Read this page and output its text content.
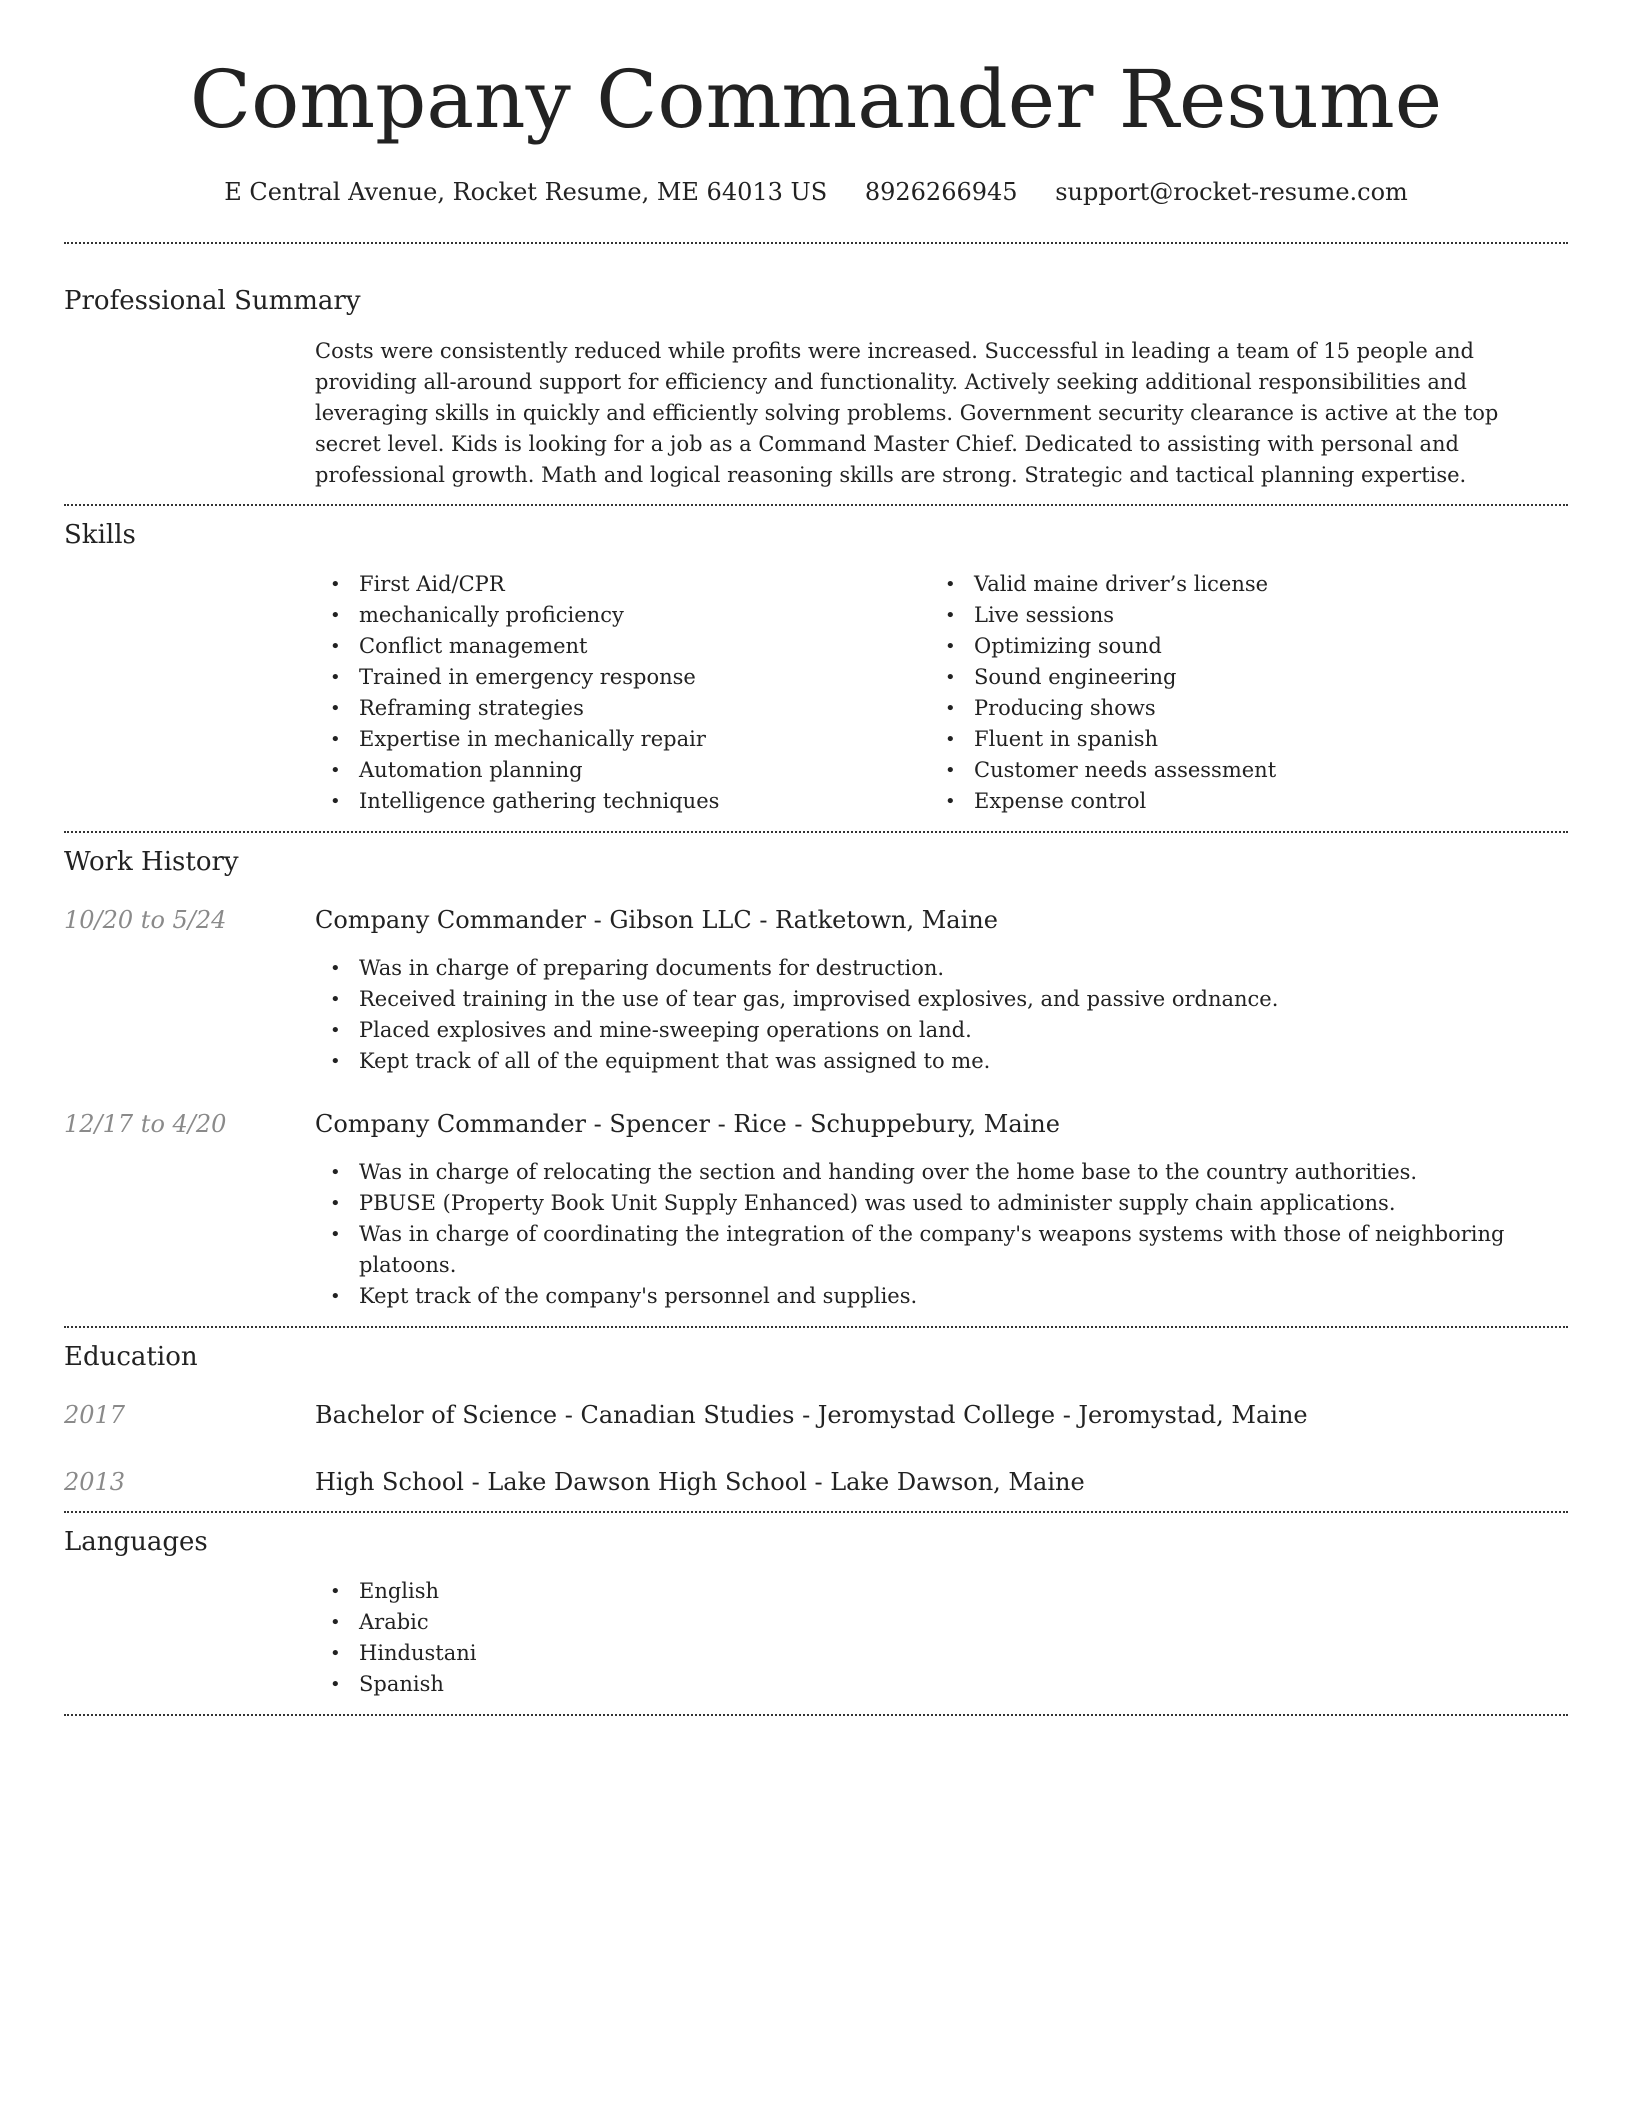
Company Commander Resume
E Central Avenue, Rocket Resume, ME 64013 US 8926266945 support@rocket-resume.com
Professional Summary

Costs were consistently reduced while profits were increased. Successful in leading a team of 15 people and providing all-around support for efficiency and functionality. Actively seeking additional responsibilities and leveraging skills in quickly and efficiently solving problems. Government security clearance is active at the top secret level. Kids is looking for a job as a Command Master Chief. Dedicated to assisting with personal and professional growth. Math and logical reasoning skills are strong. Strategic and tactical planning expertise.

Skills
• First Aid/CPR
• mechanically proficiency
• Conflict management
• Trained in emergency response
• Reframing strategies
• Expertise in mechanically repair
• Automation planning
• Intelligence gathering techniques
• Valid maine driver’s license
• Live sessions
• Optimizing sound
• Sound engineering
• Producing shows
• Fluent in spanish
• Customer needs assessment
• Expense control
Work History
10/20 to 5/24	Company Commander - Gibson LLC - Ratketown, Maine
• Was in charge of preparing documents for destruction.
• Received training in the use of tear gas, improvised explosives, and passive ordnance.
• Placed explosives and mine-sweeping operations on land.
• Kept track of all of the equipment that was assigned to me.
12/17 to 4/20	Company Commander - Spencer - Rice - Schuppebury, Maine
• Was in charge of relocating the section and handing over the home base to the country authorities.
• PBUSE (Property Book Unit Supply Enhanced) was used to administer supply chain applications.
• Was in charge of coordinating the integration of the company's weapons systems with those of neighboring platoons.
• Kept track of the company's personnel and supplies.
Education
2017	Bachelor of Science - Canadian Studies - Jeromystad College - Jeromystad, Maine
2013	High School - Lake Dawson High School - Lake Dawson, Maine
Languages
• English
• Arabic
• Hindustani
• Spanish
